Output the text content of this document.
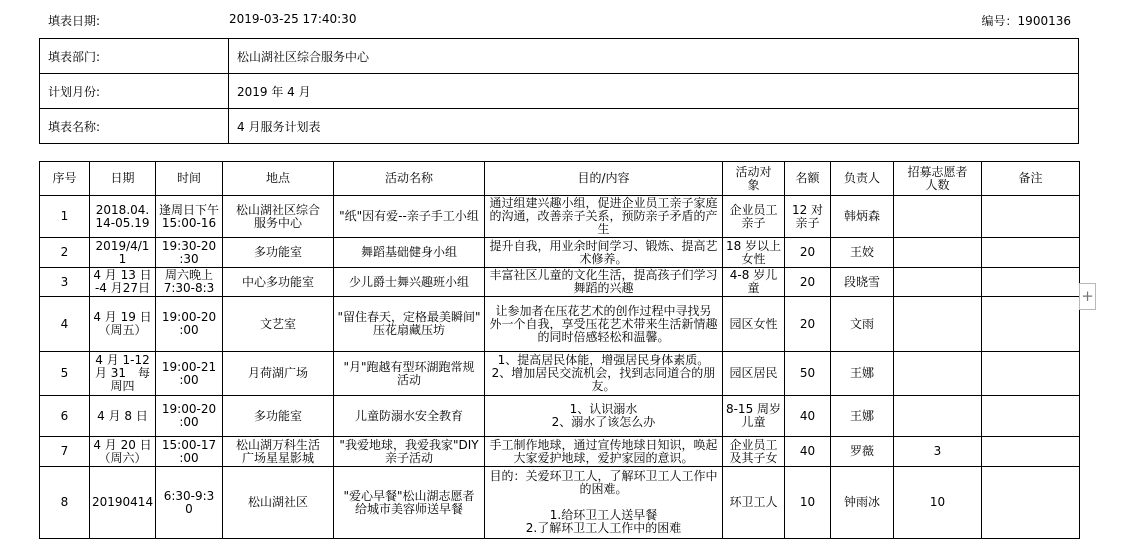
填表日期:	2019-03-25 17:40:30	编号：1900136
填表部门:	松山湖社区综合服务中心
计划月份:	2019 年 4 月
填表名称:	4 月服务计划表
序号	日期	时间	地点	活动名称	目的/内容	活动对象	名额	负责人	招募志愿者人数	备注

1	2018.04.
14-05.19	逢周日下午
15:00-16	松山湖社区综合
服务中心	"纸"因有爱--亲子手工小组	通过组建兴趣小组，促进企业员工亲子家庭
的沟通，改善亲子关系，预防亲子矛盾的产
生	企业员工
亲子	12 对
亲子	韩炳森		

2	2019/4/1
1	19:30-20
:30	多功能室	舞蹈基础健身小组	提升自我，用业余时间学习、锻炼、提高艺
术修养。	18 岁以上
女性	20	王姣		

3	4 月 13 日
-4 月27日	周六晚上
7:30-8:3	中心多功能室	少儿爵士舞兴趣班小组	丰富社区儿童的文化生活，提高孩子们学习
舞蹈的兴趣	4-8 岁儿
童	20	段晓雪		

4	4 月 19 日
（周五）	19:00-20
:00	文艺室	"留住春天，定格最美瞬间"
压花扇藏压坊	让参加者在压花艺术的创作过程中寻找另
外一个自我，享受压花艺术带来生活新情趣
的同时倍感轻松和温馨。	园区女性	20	文雨		

5	4 月 1-12
月 31　每
周四	19:00-21
:00	月荷湖广场	"月"跑越有型环湖跑常规
活动	1、提高居民体能，增强居民身体素质。
2、增加居民交流机会，找到志同道合的朋
友。	园区居民	50	王娜		

6	4 月 8 日	19:00-20
:00	多功能室	儿童防溺水安全教育	1、认识溺水
2、溺水了该怎么办	8-15 周岁
儿童	40	王娜		

7	4 月 20 日
（周六）	15:00-17
:00	松山湖万科生活
广场星星影城	"我爱地球，我爱我家"DIY
亲子活动	手工制作地球，通过宣传地球日知识，唤起
大家爱护地球，爱护家园的意识。	企业员工
及其子女	40	罗薇	3	

8	20190414	6:30-9:3
0	松山湖社区	"爱心早餐"松山湖志愿者
给城市美容师送早餐	目的：关爱环卫工人，了解环卫工人工作中
的困难。

1.给环卫工人送早餐
2.了解环卫工人工作中的困难	环卫工人	10	钟雨冰	10	

+
